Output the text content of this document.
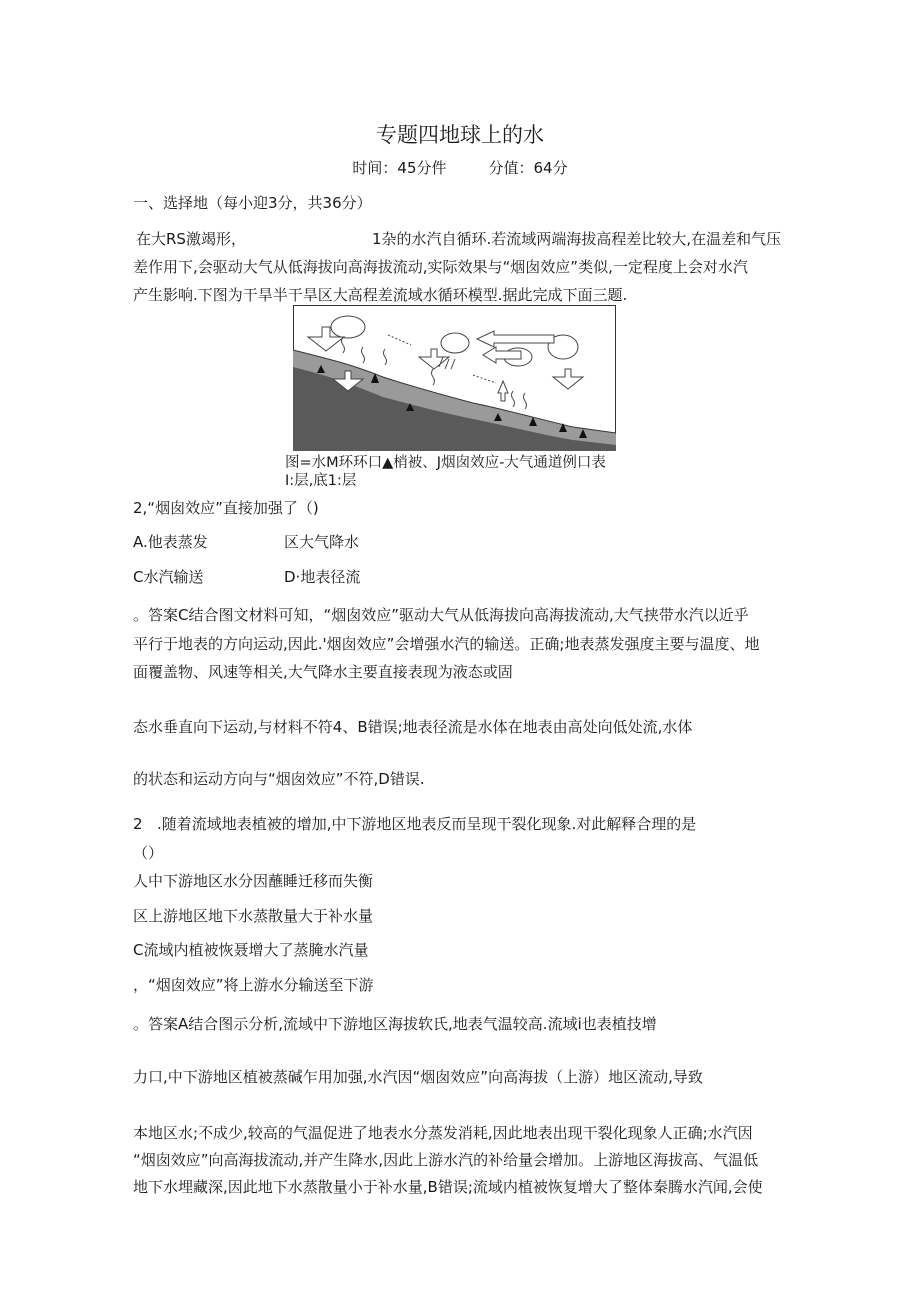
专题四地球上的水
时间：45分件	分值：64分
一、选择地（每小迎3分，共36分）
在大RS激竭形，	1杂的水汽自循环.若流域两端海拔高程差比较大,在温差和气压
差作用下,会驱动大气从低海拔向高海拔流动,实际效果与“烟囱效应”类似,一定程度上会对水汽
产生影响.下图为干旱半干旱区大高程差流域水循环模型.据此完成下面三题.
图=水M环环口▲梢被、J烟囱效应-大气通道例口表
I:层,底1:层
2,“烟囱效应”直接加强了（)
A.他表蒸发	区大气降水
C水汽输送	D·地表径流
。答案C结合图文材料可知，“烟囱效应”驱动大气从低海拔向高海拔流动,大气挟带水汽以近乎
平行于地表的方向运动,因此.'烟囱效应”会增强水汽的输送。正确;地表蒸发强度主要与温度、地
面覆盖物、风速等相关,大气降水主要直接表现为液态或固
态水垂直向下运动,与材料不符4、B错误;地表径流是水体在地表由高处向低处流,水体
的状态和运动方向与“烟囱效应”不符,D错误.
2 .随着流域地表植被的增加,中下游地区地表反而呈现干裂化现象.对此解释合理的是
（）
人中下游地区水分因蘸睡迁移而失衡
区上游地区地下水蒸散量大于补水量
C流域内植被恢聂增大了蒸腌水汽量
，“烟囱效应”将上游水分输送至下游
。答案A结合图示分析,流域中下游地区海拔软氏,地表气温较高.流域i也表植技增
力口,中下游地区植被蒸碱乍用加强,水汽因“烟囱效应”向高海拔（上游）地区流动,导致
本地区水;不成少,较高的气温促进了地表水分蒸发消耗,因此地表出现干裂化现象人正确;水汽因
“烟囱效应”向高海拔流动,并产生降水,因此上游水汽的补给量会增加。上游地区海拔高、气温低
地下水埋藏深,因此地下水蒸散量小于补水量,B错误;流域内植被恢复增大了整体秦腾水汽闻,会使
